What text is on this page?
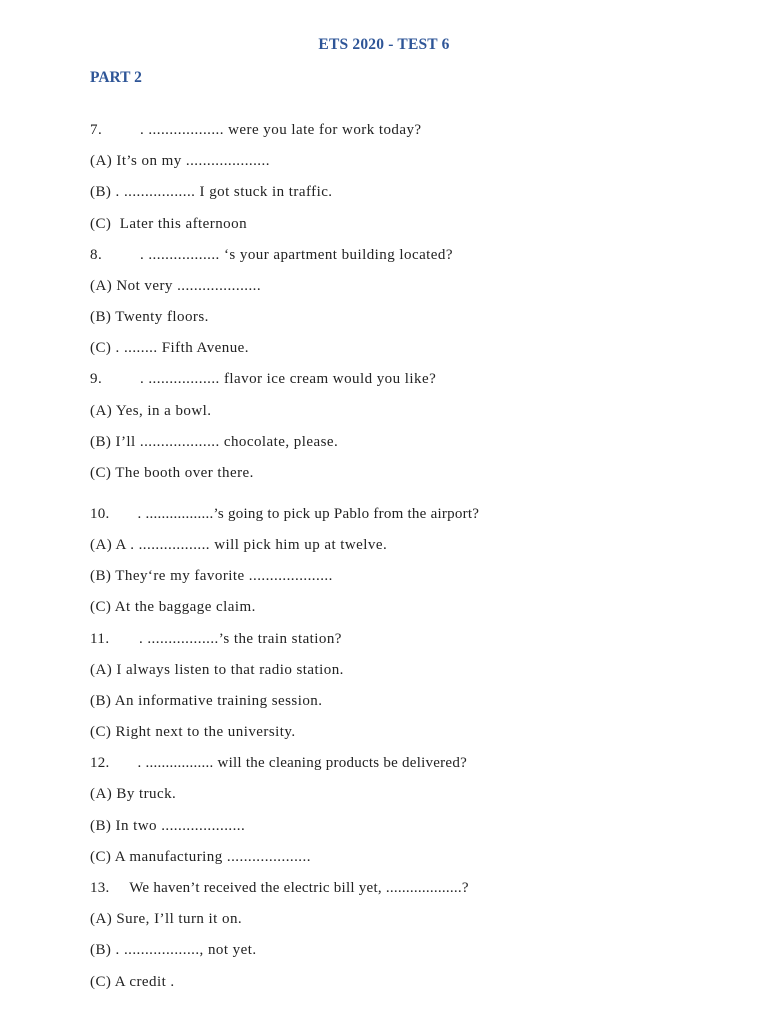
ETS 2020 - TEST 6
PART 2
7.         . .................. were you late for work today?
(A) It’s on my ....................
(B) . ................. I got stuck in traffic.
(C)  Later this afternoon
8.         . ................. ‘s your apartment building located?
(A) Not very ....................
(B) Twenty floors.
(C) . ........ Fifth Avenue.
9.         . ................. flavor ice cream would you like?
(A) Yes, in a bowl.
(B) I’ll ................... chocolate, please.
(C) The booth over there.
10.       . .................’s going to pick up Pablo from the airport?
(A) A . ................. will pick him up at twelve.
(B) They‘re my favorite ....................
(C) At the baggage claim.
11.       . .................’s the train station?
(A) I always listen to that radio station.
(B) An informative training session.
(C) Right next to the university.
12.       . ................. will the cleaning products be delivered?
(A) By truck.
(B) In two ....................
(C) A manufacturing ....................
13.     We haven’t received the electric bill yet, ...................?
(A) Sure, I’ll turn it on.
(B) . .................., not yet.
(C) A credit .
